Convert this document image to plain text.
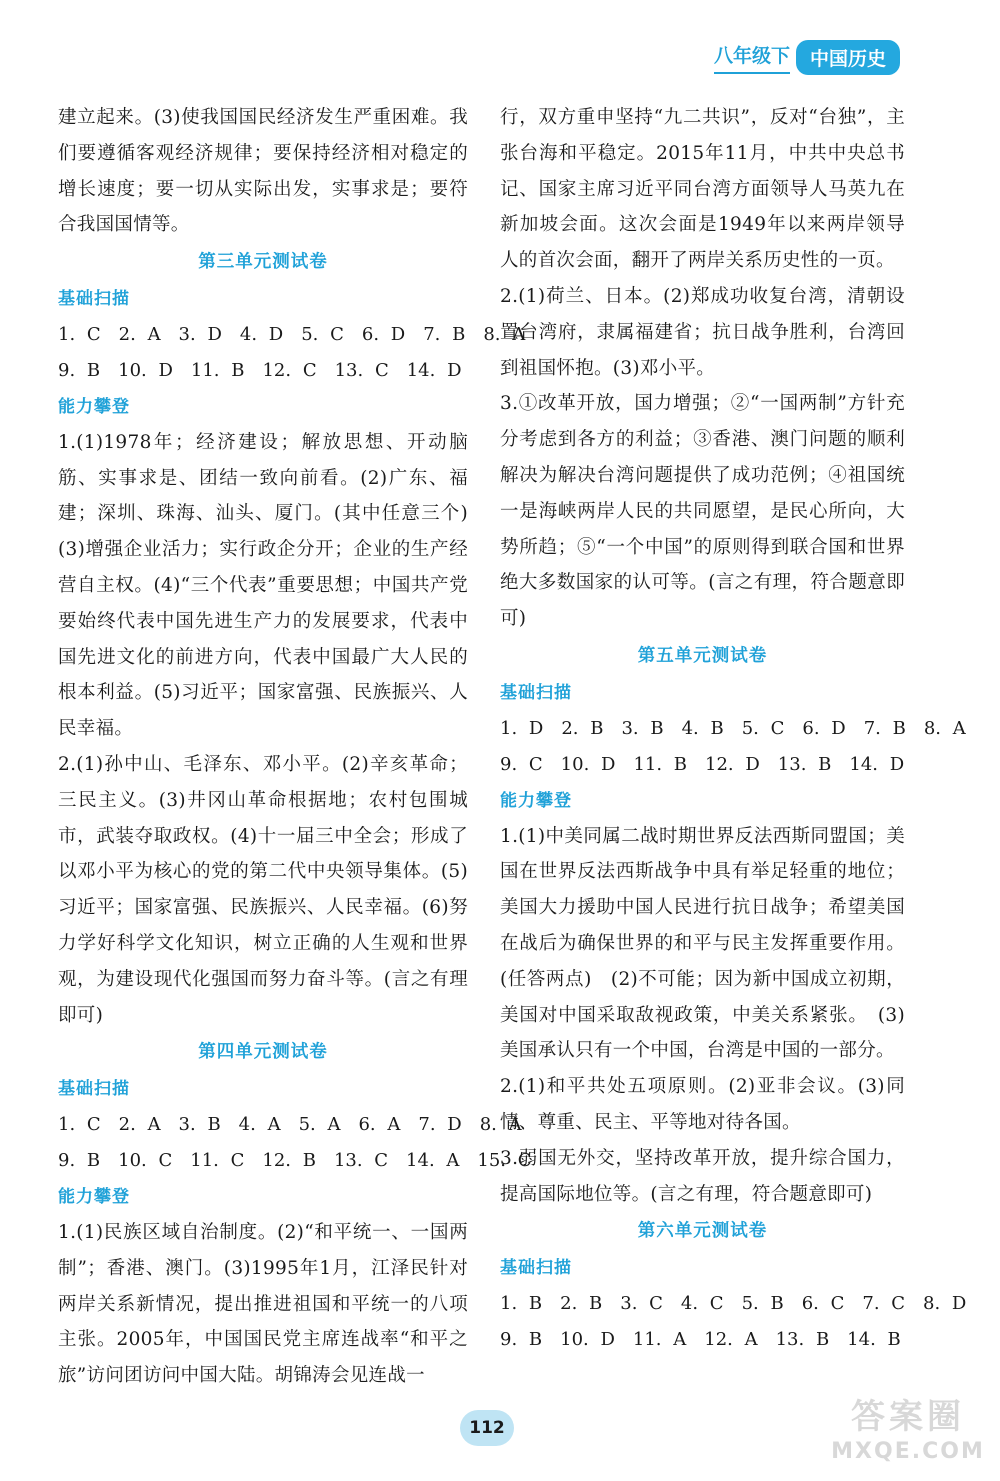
八年级下	中国历史

建立起来。(3)使我国国民经济发生严重困难。我们要遵循客观经济规律；要保持经济相对稳定的增长速度；要一切从实际出发，实事求是；要符合我国国情等。

第三单元测试卷

基础扫描

1. C　2. A　3. D　4. D　5. C　6. D　7. B　8. A

9. B　10. D　11. B　12. C　13. C　14. D

能力攀登

1.(1)1978年；经济建设；解放思想、开动脑筋、实事求是、团结一致向前看。(2)广东、福建；深圳、珠海、汕头、厦门。(其中任意三个)(3)增强企业活力；实行政企分开；企业的生产经营自主权。(4)“三个代表”重要思想；中国共产党要始终代表中国先进生产力的发展要求，代表中国先进文化的前进方向，代表中国最广大人民的根本利益。(5)习近平；国家富强、民族振兴、人民幸福。

2.(1)孙中山、毛泽东、邓小平。(2)辛亥革命；三民主义。(3)井冈山革命根据地；农村包围城市，武装夺取政权。(4)十一届三中全会；形成了以邓小平为核心的党的第二代中央领导集体。(5)习近平；国家富强、民族振兴、人民幸福。(6)努力学好科学文化知识，树立正确的人生观和世界观，为建设现代化强国而努力奋斗等。(言之有理即可)

第四单元测试卷

基础扫描

1. C　2. A　3. B　4. A　5. A　6. A　7. D　8. A

9. B　10. C　11. C　12. B　13. C　14. A　15. C

能力攀登

1.(1)民族区域自治制度。(2)“和平统一、一国两制”；香港、澳门。(3)1995年1月，江泽民针对两岸关系新情况，提出推进祖国和平统一的八项主张。2005年，中国国民党主席连战率“和平之旅”访问团访问中国大陆。胡锦涛会见连战一

行，双方重申坚持“九二共识”，反对“台独”，主张台海和平稳定。2015年11月，中共中央总书记、国家主席习近平同台湾方面领导人马英九在新加坡会面。这次会面是1949年以来两岸领导人的首次会面，翻开了两岸关系历史性的一页。

2.(1)荷兰、日本。(2)郑成功收复台湾，清朝设置台湾府，隶属福建省；抗日战争胜利，台湾回到祖国怀抱。(3)邓小平。

3.①改革开放，国力增强；②“一国两制”方针充分考虑到各方的利益；③香港、澳门问题的顺利解决为解决台湾问题提供了成功范例；④祖国统一是海峡两岸人民的共同愿望，是民心所向，大势所趋；⑤“一个中国”的原则得到联合国和世界绝大多数国家的认可等。(言之有理，符合题意即可)

第五单元测试卷

基础扫描

1. D　2. B　3. B　4. B　5. C　6. D　7. B　8. A

9. C　10. D　11. B　12. D　13. B　14. D

能力攀登

1.(1)中美同属二战时期世界反法西斯同盟国；美国在世界反法西斯战争中具有举足轻重的地位；美国大力援助中国人民进行抗日战争；希望美国在战后为确保世界的和平与民主发挥重要作用。(任答两点)　(2)不可能；因为新中国成立初期，美国对中国采取敌视政策，中美关系紧张。　(3)美国承认只有一个中国，台湾是中国的一部分。

2.(1)和平共处五项原则。(2)亚非会议。(3)同情、尊重、民主、平等地对待各国。

3.弱国无外交，坚持改革开放，提升综合国力，提高国际地位等。(言之有理，符合题意即可)

第六单元测试卷

基础扫描

1. B　2. B　3. C　4. C　5. B　6. C　7. C　8. D

9. B　10. D　11. A　12. A　13. B　14. B

112	答案圈
MXQE.COM
